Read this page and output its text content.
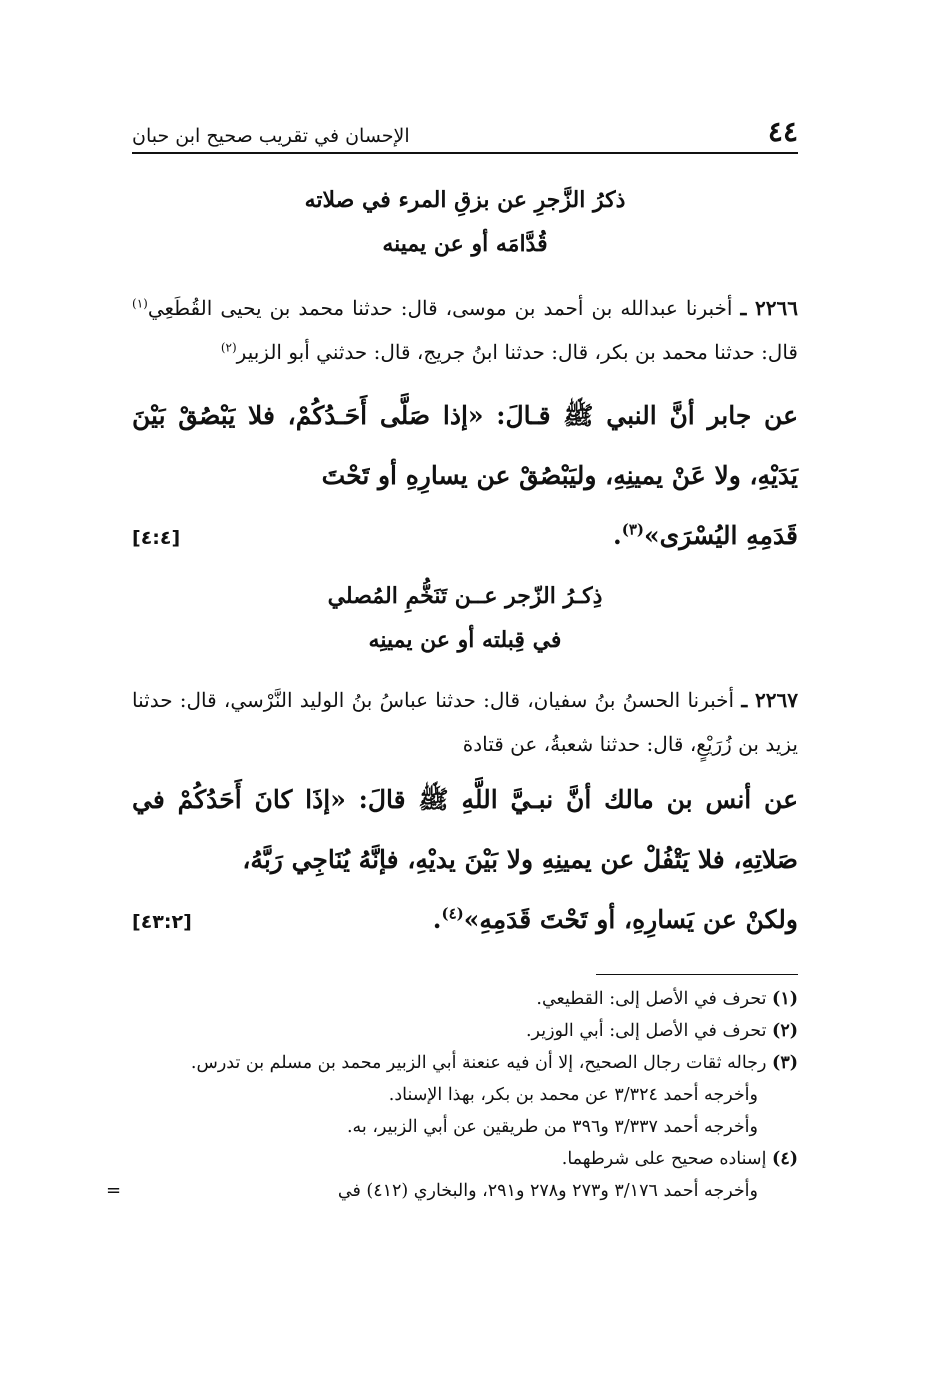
٤٤
الإحسان في تقريب صحيح ابن حبان
ذكرُ الزَّجرِ عن بزقِ المرء في صلاته
قُدَّامَه أو عن يمينه
٢٢٦٦ ـ أخبرنا عبدالله بن أحمد بن موسى، قال: حدثنا محمد بن يحيى القُطَعِي$^{(١)}$ قال: حدثنا محمد بن بكر، قال: حدثنا ابنُ جريج، قال: حدثني أبو الزبير$^{(٢)}$
عن جابر أنَّ النبي ﷺ قـالَ: «إذا صَلَّى أَحَـدُكُمْ، فلا يَبْصُقْ بَيْنَ يَدَيْهِ، ولا عَنْ يمينِهِ، وليَبْصُقْ عن يسارِهِ أو تَحْتَ
قَدَمِهِ اليُسْرَى»$^{(٣)}$.
[٤:٤]
ذِكـرُ الزّجر عــن تَنَخُّمِ المُصلي
في قِبلته أو عن يمينِه
٢٢٦٧ ـ أخبرنا الحسنُ بنُ سفيان، قال: حدثنا عباسُ بنُ الوليد النَّرْسي، قال: حدثنا يزيد بن زُرَيْعٍ، قال: حدثنا شعبةُ، عن قتادة
عن أنس بن مالك أنَّ نبـيَّ اللَّهِ ﷺ قالَ: «إذَا كانَ أَحَدُكُمْ في صَلاتِهِ، فلا يَتْفُلْ عن يمينِهِ ولا بَيْنَ يديْهِ، فإنَّهُ يُنَاجِي رَبَّهُ،
ولكنْ عن يَسارِهِ، أو تَحْتَ قَدَمِهِ»$^{(٤)}$.
[٤٣:٢]
(١) تحرف في الأصل إلى: القطيعي.
(٢) تحرف في الأصل إلى: أبي الوزير.
(٣) رجاله ثقات رجال الصحيح، إلا أن فيه عنعنة أبي الزبير محمد بن مسلم بن تدرس.
وأخرجه أحمد ٣/٣٢٤ عن محمد بن بكر، بهذا الإسناد.
وأخرجه أحمد ٣/٣٣٧ و٣٩٦ من طريقين عن أبي الزبير، به.
(٤) إسناده صحيح على شرطهما.
وأخرجه أحمد ٣/١٧٦ و٢٧٣ و٢٧٨ و٢٩١، والبخاري (٤١٢) في
=
